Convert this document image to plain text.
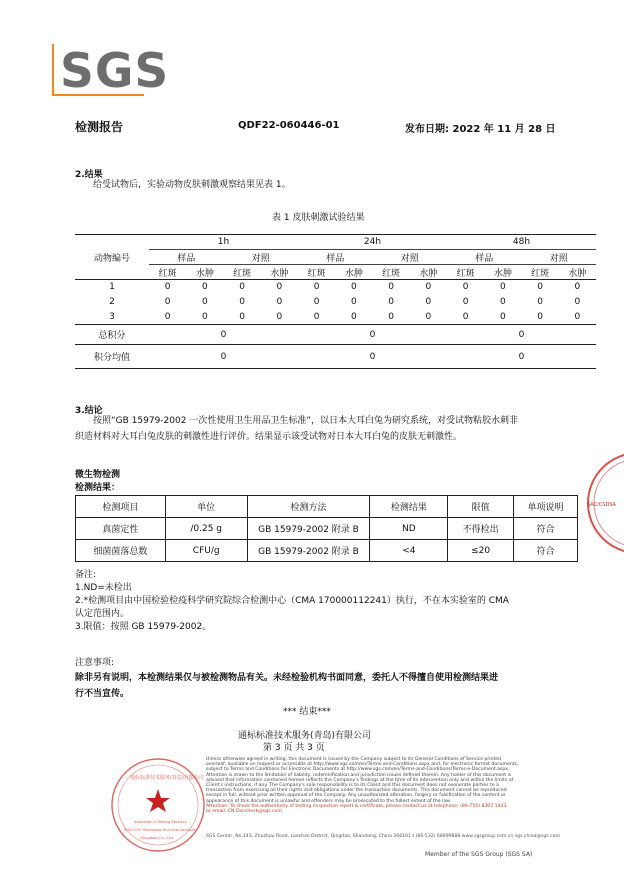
SGS
检测报告	QDF22-060446-01	发布日期: 2022 年 11 月 28 日
2.结果
给受试物后，实验动物皮肤刺激观察结果见表 1。
表 1 皮肤刺激试验结果
动物编号	1h				24h				48h			
	样品		对照		样品		对照		样品		对照	
	红斑	水肿	红斑	水肿	红斑	水肿	红斑	水肿	红斑	水肿	红斑	水肿
1	0	0	0	0	0	0	0	0	0	0	0	0
2	0	0	0	0	0	0	0	0	0	0	0	0
3	0	0	0	0	0	0	0	0	0	0	0	0
总积分	0				0				0			
积分均值	0				0				0			
3.结论
按照“GB 15979-2002 一次性使用卫生用品卫生标准”，以日本大耳白兔为研究系统，对受试物粘胶水刺非
织造材料对大耳白兔皮肤的刺激性进行评价。结果显示该受试物对日本大耳白兔的皮肤无刺激性。
微生物检测
检测结果：
检测项目	单位	检测方法	检测结果	限值	单项说明
真菌定性	/0.25 g	GB 15979-2002 附录 B	ND	不得检出	符合
细菌菌落总数	CFU/g	GB 15979-2002 附录 B	<4	≤20	符合
备注:
1.ND=未检出
2.*检测项目由中国检验检疫科学研究院综合检测中心（CMA 170000112241）执行，不在本实验室的 CMA
认定范围内。
3.限值：按照 GB 15979-2002。
注意事项:
除非另有说明，本检测结果仅与被检测物品有关。未经检验机构书面同意，委托人不得擅自使用检测结果进
行不当宣传。
*** 结束***
通标标准技术服务(青岛)有限公司
第 3 页 共 3 页
SAC/CSDSA
通标标准技术服务(青岛)有限公司
Inspection & Testing Services
SGS-CSTC Standards Technical Services
(Qingdao) Co., Ltd.
Unless otherwise agreed in writing, this document is issued by the Company subject to its General Conditions of Service printed
overleaf, available on request or accessible at http://www.sgs.com/en/Terms-and-Conditions.aspx and, for electronic format documents,
subject to Terms and Conditions for Electronic Documents at http://www.sgs.com/en/Terms-and-Conditions/Terms-e-Document.aspx.
Attention is drawn to the limitation of liability, indemnification and jurisdiction issues defined therein. Any holder of this document is
advised that information contained hereon reflects the Company's findings at the time of its intervention only and within the limits of
Client's instructions, if any. The Company's sole responsibility is to its Client and this document does not exonerate parties to a
transaction from exercising all their rights and obligations under the transaction documents. This document cannot be reproduced
except in full, without prior written approval of the Company. Any unauthorized alteration, forgery or falsification of the content or
appearance of this document is unlawful and offenders may be prosecuted to the fullest extent of the law.
Attention: To check the authenticity of testing /inspection report & certificate, please contact us at telephone: (86-755) 8307 1443,
or email: CN.Doccheck@sgs.com
SGS Center, No.143, Zhuzhou Road, Laoshan District, Qingdao, Shandong, China 266101 t (86-532) 68999888 www.sgsgroup.com.cn sgs.china@sgs.com
Member of the SGS Group (SGS SA)
